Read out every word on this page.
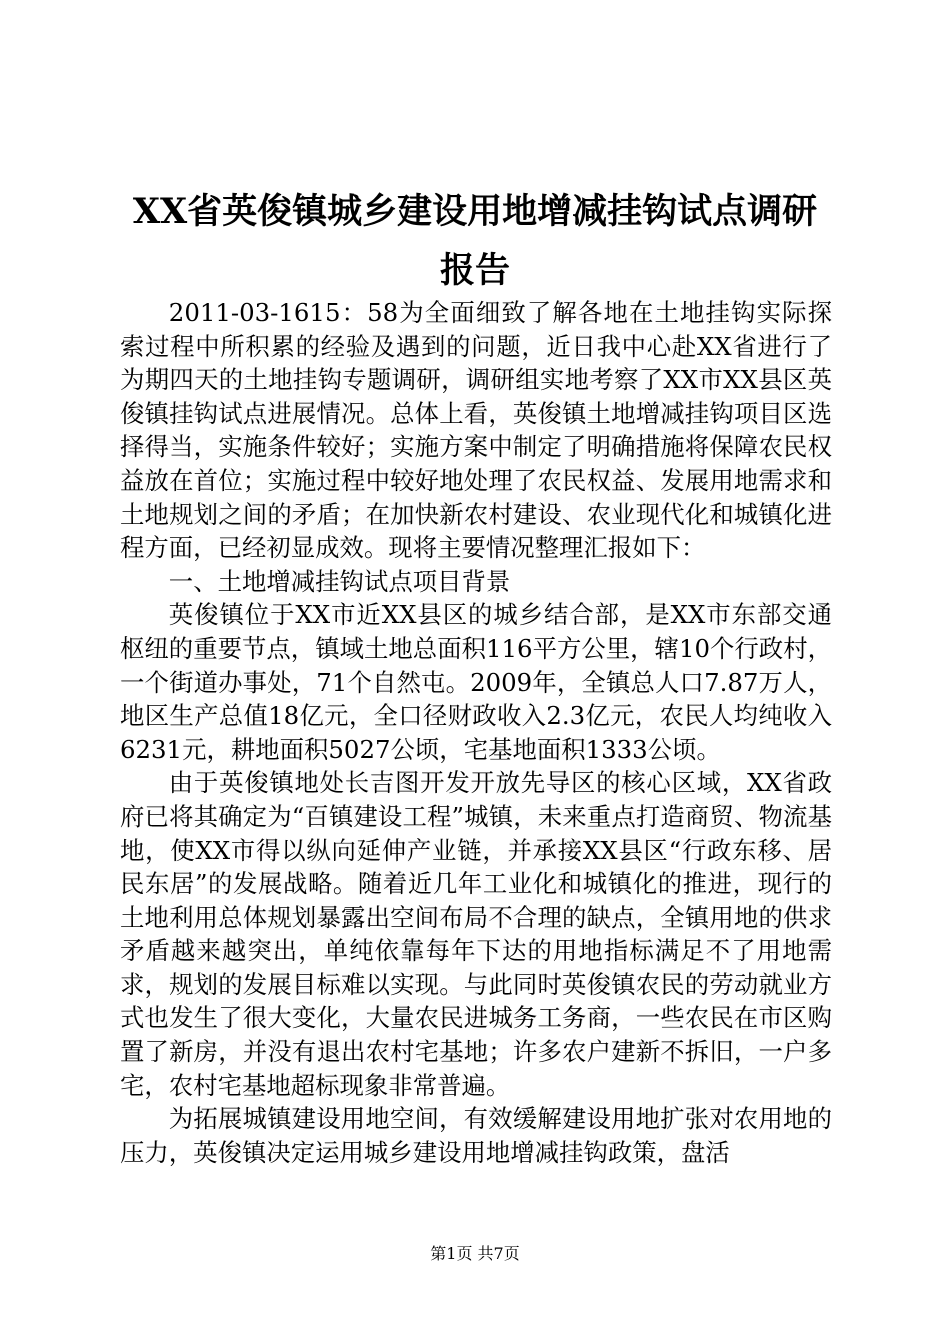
XX省英俊镇城乡建设用地增减挂钩试点调研
报告

2011-03-1615：58为全面细致了解各地在土地挂钩实际探索过程中所积累的经验及遇到的问题，近日我中心赴XX省进行了为期四天的土地挂钩专题调研，调研组实地考察了XX市XX县区英俊镇挂钩试点进展情况。总体上看，英俊镇土地增减挂钩项目区选择得当，实施条件较好；实施方案中制定了明确措施将保障农民权益放在首位；实施过程中较好地处理了农民权益、发展用地需求和土地规划之间的矛盾；在加快新农村建设、农业现代化和城镇化进程方面，已经初显成效。现将主要情况整理汇报如下：

一、土地增减挂钩试点项目背景

英俊镇位于XX市近XX县区的城乡结合部，是XX市东部交通枢纽的重要节点，镇域土地总面积116平方公里，辖10个行政村，一个街道办事处，71个自然屯。2009年，全镇总人口7.87万人，地区生产总值18亿元，全口径财政收入2.3亿元，农民人均纯收入6231元，耕地面积5027公顷，宅基地面积1333公顷。

由于英俊镇地处长吉图开发开放先导区的核心区域，XX省政府已将其确定为“百镇建设工程”城镇，未来重点打造商贸、物流基地，使XX市得以纵向延伸产业链，并承接XX县区“行政东移、居民东居”的发展战略。随着近几年工业化和城镇化的推进，现行的土地利用总体规划暴露出空间布局不合理的缺点，全镇用地的供求矛盾越来越突出，单纯依靠每年下达的用地指标满足不了用地需求，规划的发展目标难以实现。与此同时英俊镇农民的劳动就业方式也发生了很大变化，大量农民进城务工务商，一些农民在市区购置了新房，并没有退出农村宅基地；许多农户建新不拆旧，一户多宅，农村宅基地超标现象非常普遍。

为拓展城镇建设用地空间，有效缓解建设用地扩张对农用地的压力，英俊镇决定运用城乡建设用地增减挂钩政策，盘活

第1页 共7页
